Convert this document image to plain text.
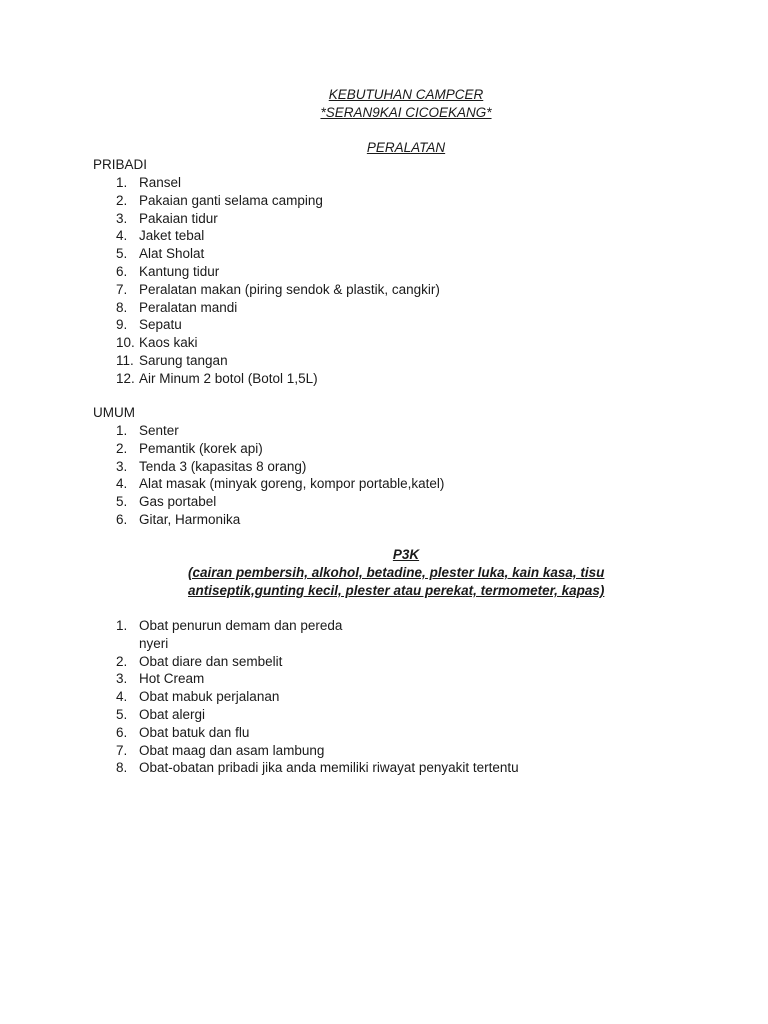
KEBUTUHAN CAMPCER
*SERAN9KAI CICOEKANG*
PERALATAN
PRIBADI
1. Ransel
2. Pakaian ganti selama camping
3. Pakaian tidur
4. Jaket tebal
5. Alat Sholat
6. Kantung tidur
7. Peralatan makan (piring sendok & plastik, cangkir)
8. Peralatan mandi
9. Sepatu
10. Kaos kaki
11. Sarung tangan
12. Air Minum 2 botol (Botol 1,5L)
UMUM
1. Senter
2. Pemantik (korek api)
3. Tenda 3 (kapasitas 8 orang)
4. Alat masak (minyak goreng, kompor portable,katel)
5. Gas portabel
6. Gitar, Harmonika
P3K
(cairan pembersih, alkohol, betadine, plester luka, kain kasa, tisu
antiseptik,gunting kecil, plester atau perekat, termometer, kapas)
1. Obat penurun demam dan pereda
nyeri
2. Obat diare dan sembelit
3. Hot Cream
4. Obat mabuk perjalanan
5. Obat alergi
6. Obat batuk dan flu
7. Obat maag dan asam lambung
8. Obat-obatan pribadi jika anda memiliki riwayat penyakit tertentu
